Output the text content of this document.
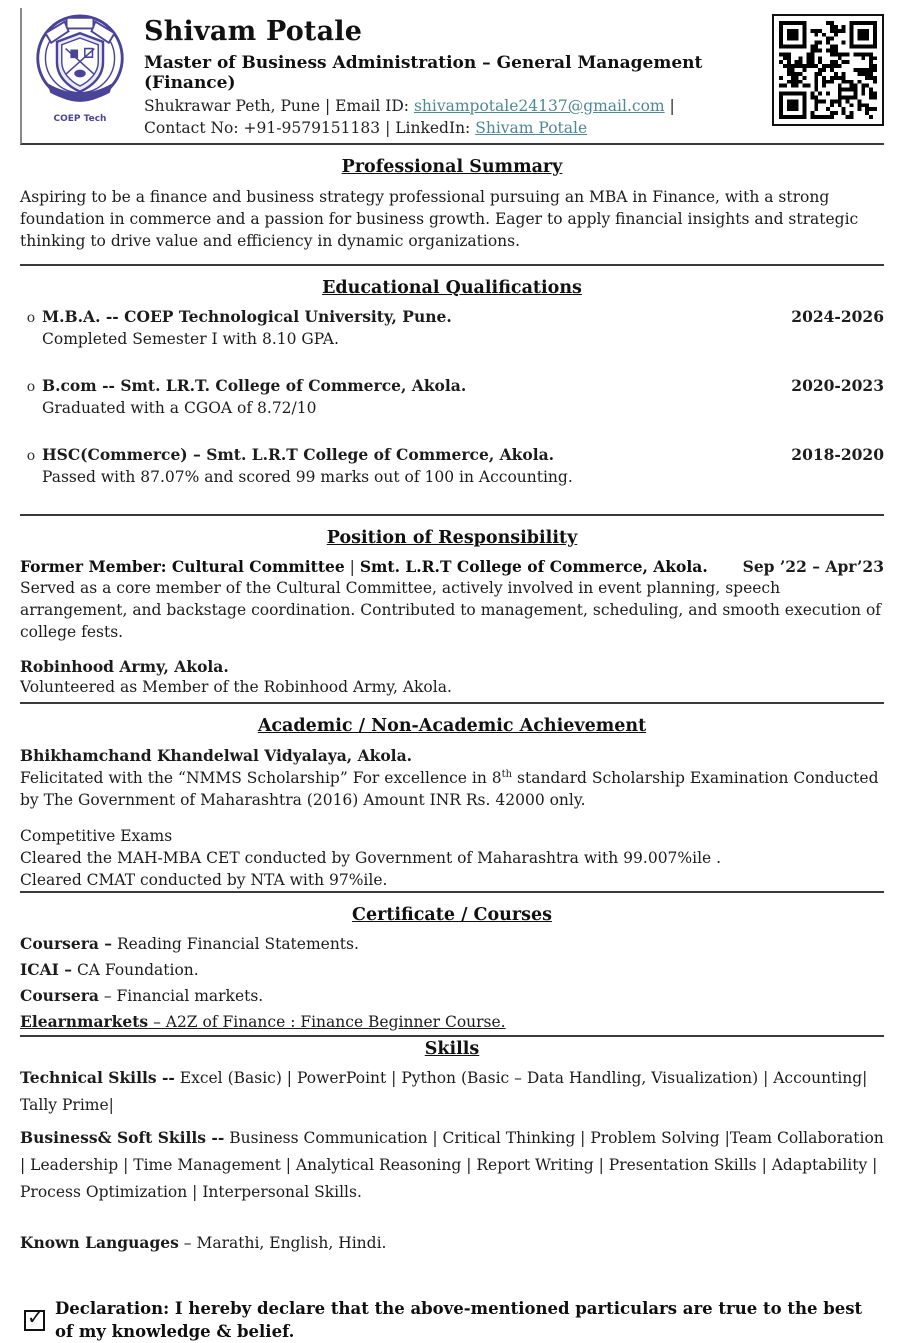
COEP Tech
Shivam Potale
Master of Business Administration – General Management (Finance)
Shukrawar Peth, Pune | Email ID: shivampotale24137@gmail.com |
Contact No: +91-9579151183 | LinkedIn: Shivam Potale
Professional Summary

Aspiring to be a finance and business strategy professional pursuing an MBA in Finance, with a strong foundation in commerce and a passion for business growth. Eager to apply financial insights and strategic thinking to drive value and efficiency in dynamic organizations.

Educational Qualifications
o M.B.A. -- COEP Technological University, Pune.	2024-2026
Completed Semester I with 8.10 GPA.
o B.com -- Smt. LR.T. College of Commerce, Akola.	2020-2023
Graduated with a CGOA of 8.72/10
o HSC(Commerce) – Smt. L.R.T College of Commerce, Akola.	2018-2020
Passed with 87.07% and scored 99 marks out of 100 in Accounting.
Position of Responsibility
Former Member: Cultural Committee | Smt. L.R.T College of Commerce, Akola.	Sep ’22 – Apr’23

Served as a core member of the Cultural Committee, actively involved in event planning, speech arrangement, and backstage coordination. Contributed to management, scheduling, and smooth execution of college fests.

Robinhood Army, Akola.

Volunteered as Member of the Robinhood Army, Akola.

Academic / Non-Academic Achievement
Bhikhamchand Khandelwal Vidyalaya, Akola.

Felicitated with the “NMMS Scholarship” For excellence in 8th standard Scholarship Examination Conducted by The Government of Maharashtra (2016) Amount INR Rs. 42000 only.

Competitive Exams
Cleared the MAH-MBA CET conducted by Government of Maharashtra with 99.007%ile .
Cleared CMAT conducted by NTA with 97%ile.
Certificate / Courses
Coursera – Reading Financial Statements.
ICAI – CA Foundation.
Coursera – Financial markets.
Elearnmarkets – A2Z of Finance : Finance Beginner Course.
Skills
Technical Skills -- Excel (Basic) | PowerPoint | Python (Basic – Data Handling, Visualization) | Accounting| Tally Prime|
Business& Soft Skills -- Business Communication | Critical Thinking | Problem Solving |Team Collaboration | Leadership | Time Management | Analytical Reasoning | Report Writing | Presentation Skills | Adaptability | Process Optimization | Interpersonal Skills.
Known Languages – Marathi, English, Hindi.
✓ Declaration: I hereby declare that the above-mentioned particulars are true to the best of my knowledge & belief.
